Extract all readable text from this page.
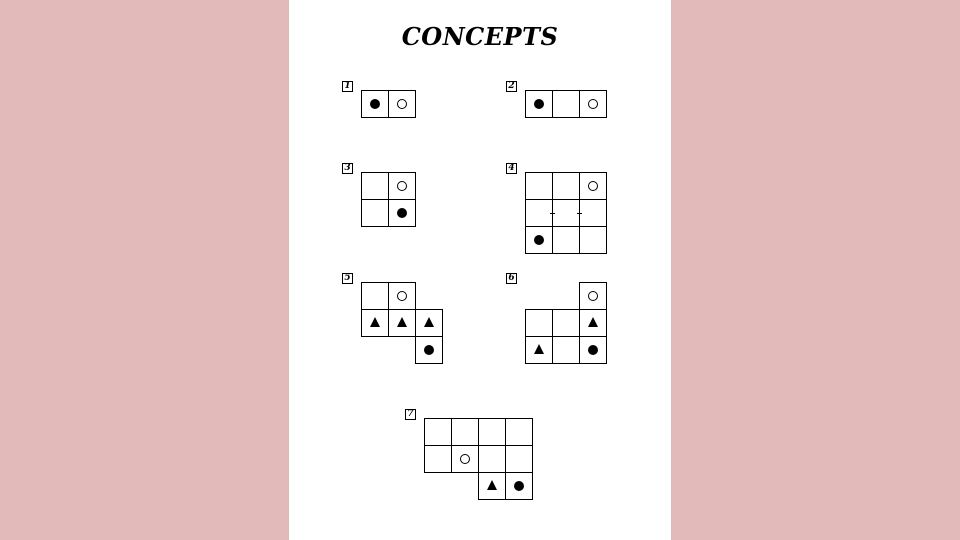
CONCEPTS
1	2
3	4
5	6
7
